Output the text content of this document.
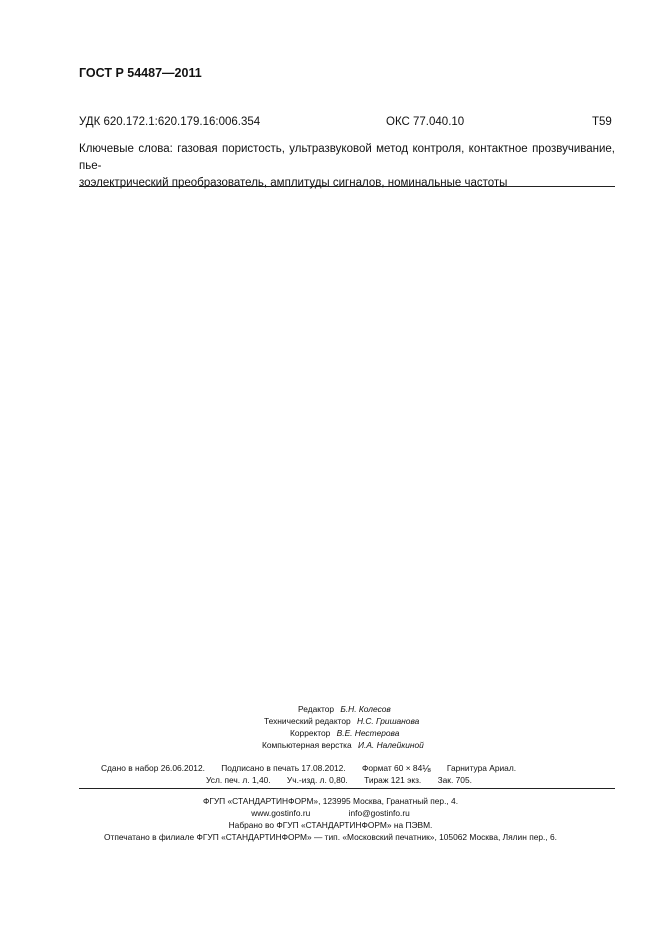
ГОСТ Р 54487—2011
УДК 620.172.1:620.179.16:006.354	ОКС 77.040.10	Т59
Ключевые слова: газовая пористость, ультразвуковой метод контроля, контактное прозвучивание, пье-
зоэлектрический преобразователь, амплитуды сигналов, номинальные частоты
Редактор Б.Н. Колесов
Технический редактор Н.С. Гришанова
Корректор В.Е. Нестерова
Компьютерная верстка И.А. Налейкиной
Сдано в набор 26.06.2012. Подписано в печать 17.08.2012. Формат 60 × 84⅛ Гарнитура Ариал.
Усл. печ. л. 1,40. Уч.-изд. л. 0,80. Тираж 121 экз. Зак. 705.
ФГУП «СТАНДАРТИНФОРМ», 123995 Москва, Гранатный пер., 4.
www.gostinfo.ru	info@gostinfo.ru
Набрано во ФГУП «СТАНДАРТИНФОРМ» на ПЭВМ.
Отпечатано в филиале ФГУП «СТАНДАРТИНФОРМ» — тип. «Московский печатник», 105062 Москва, Лялин пер., 6.
